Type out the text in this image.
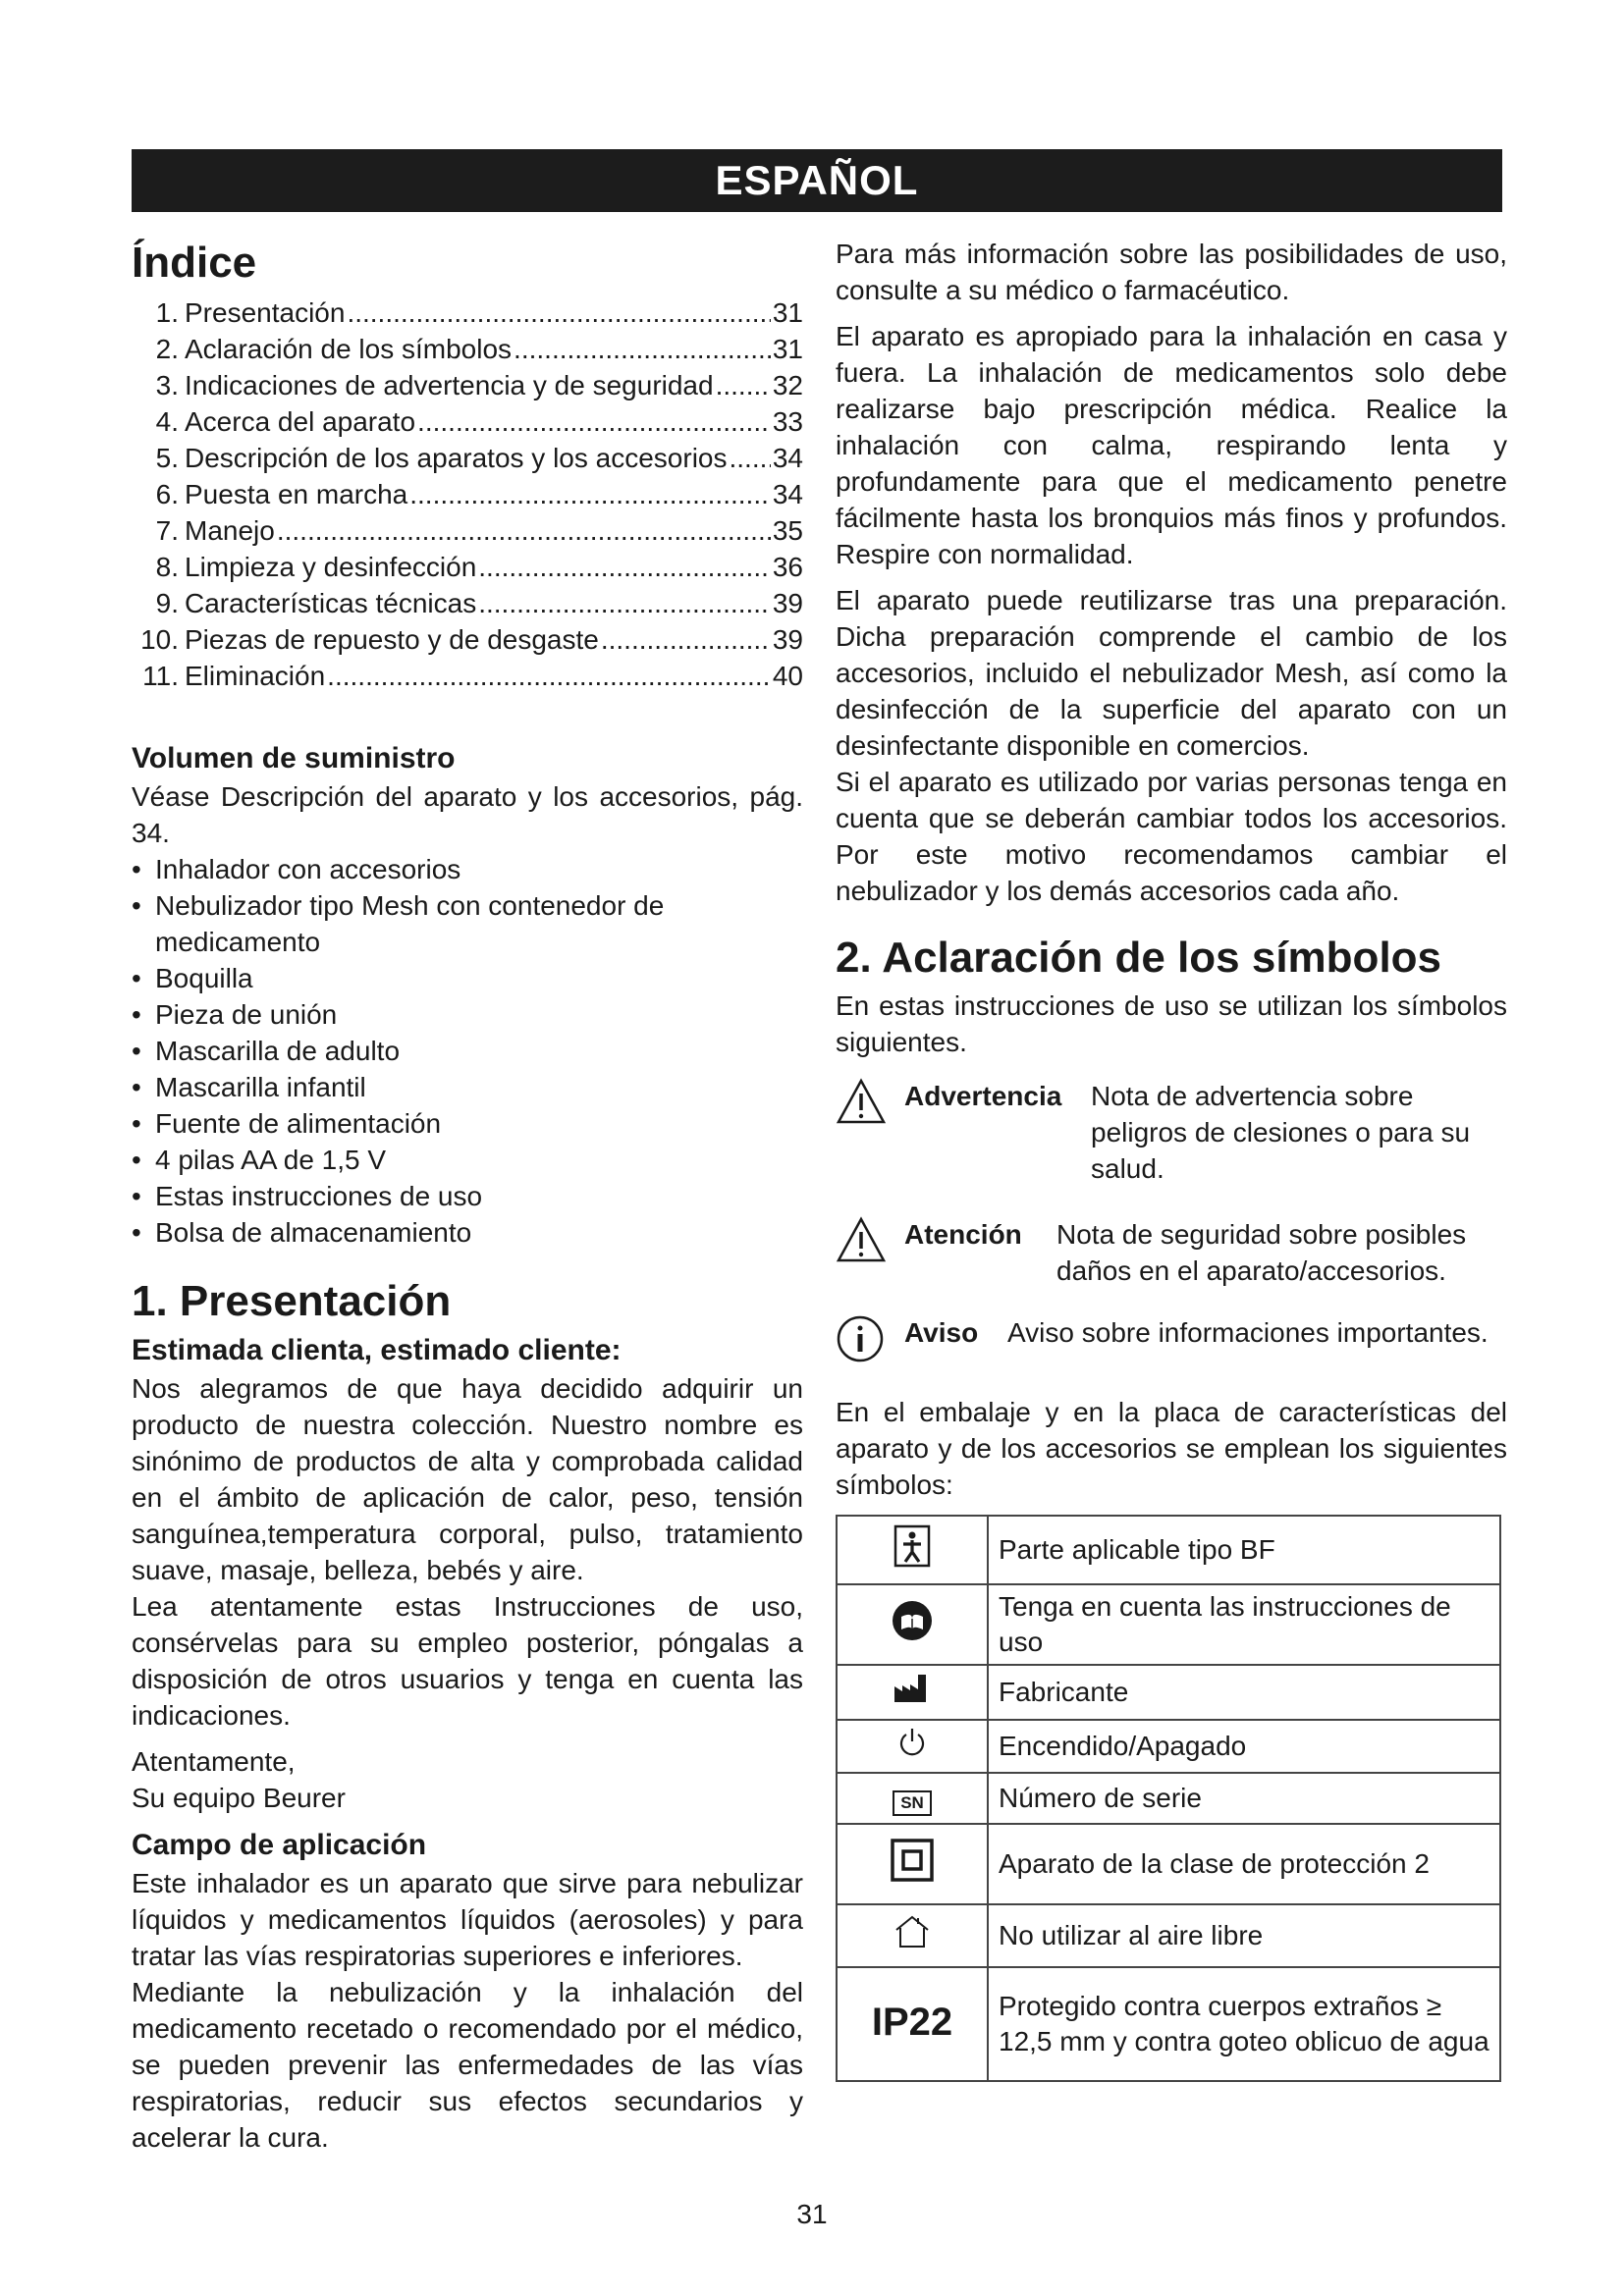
ESPAÑOL
Índice
1. Presentación .....	31
2. Aclaración de los símbolos .....	31
3. Indicaciones de advertencia y de seguridad ..... 32
4. Acerca del aparato .....	33
5. Descripción de los aparatos y los accesorios ..... 34
6. Puesta en marcha .....	34
7. Manejo .....	35
8. Limpieza y desinfección .....	36
9. Características técnicas .....	39
10. Piezas de repuesto y de desgaste .....	39
11. Eliminación .....	40
Volumen de suministro

Véase Descripción del aparato y los accesorios, pág. 34.

• Inhalador con accesorios
• Nebulizador tipo Mesh con contenedor de medicamento
• Boquilla
• Pieza de unión
• Mascarilla de adulto
• Mascarilla infantil
• Fuente de alimentación
• 4 pilas AA de 1,5 V
• Estas instrucciones de uso
• Bolsa de almacenamiento
1. Presentación
Estimada clienta, estimado cliente:

Nos alegramos de que haya decidido adquirir un producto de nuestra colección. Nuestro nombre es sinónimo de productos de alta y comprobada calidad en el ámbito de aplicación de calor, peso, tensión sanguínea,temperatura corporal, pulso, tratamiento suave, masaje, belleza, bebés y aire.

Lea atentamente estas Instrucciones de uso, consérvelas para su empleo posterior, póngalas a disposición de otros usuarios y tenga en cuenta las indicaciones.

Atentamente,

Su equipo Beurer

Campo de aplicación

Este inhalador es un aparato que sirve para nebulizar líquidos y medicamentos líquidos (aerosoles) y para tratar las vías respiratorias superiores e inferiores.

Mediante la nebulización y la inhalación del medicamento recetado o recomendado por el médico, se pueden prevenir las enfermedades de las vías respiratorias, reducir sus efectos secundarios y acelerar la cura.

Para más información sobre las posibilidades de uso, consulte a su médico o farmacéutico.

El aparato es apropiado para la inhalación en casa y fuera. La inhalación de medicamentos solo debe realizarse bajo prescripción médica. Realice la inhalación con calma, respirando lenta y profundamente para que el medicamento penetre fácilmente hasta los bronquios más finos y profundos. Respire con normalidad.

El aparato puede reutilizarse tras una preparación. Dicha preparación comprende el cambio de los accesorios, incluido el nebulizador Mesh, así como la desinfección de la superficie del aparato con un desinfectante disponible en comercios.

Si el aparato es utilizado por varias personas tenga en cuenta que se deberán cambiar todos los accesorios. Por este motivo recomendamos cambiar el nebulizador y los demás accesorios cada año.

2. Aclaración de los símbolos

En estas instrucciones de uso se utilizan los símbolos siguientes.

Advertencia	Nota de advertencia sobre peligros de clesiones o para su salud.
Atención	Nota de seguridad sobre posibles daños en el aparato/accesorios.
Aviso	Aviso sobre informaciones importantes.

En el embalaje y en la placa de características del aparato y de los accesorios se emplean los siguientes símbolos:

	Parte aplicable tipo BF
	Tenga en cuenta las instrucciones de uso
	Fabricante
	Encendido/Apagado
SN	Número de serie
	Aparato de la clase de protección 2
	No utilizar al aire libre
IP22	Protegido contra cuerpos extraños ≥ 12,5 mm y contra goteo oblicuo de agua
31
